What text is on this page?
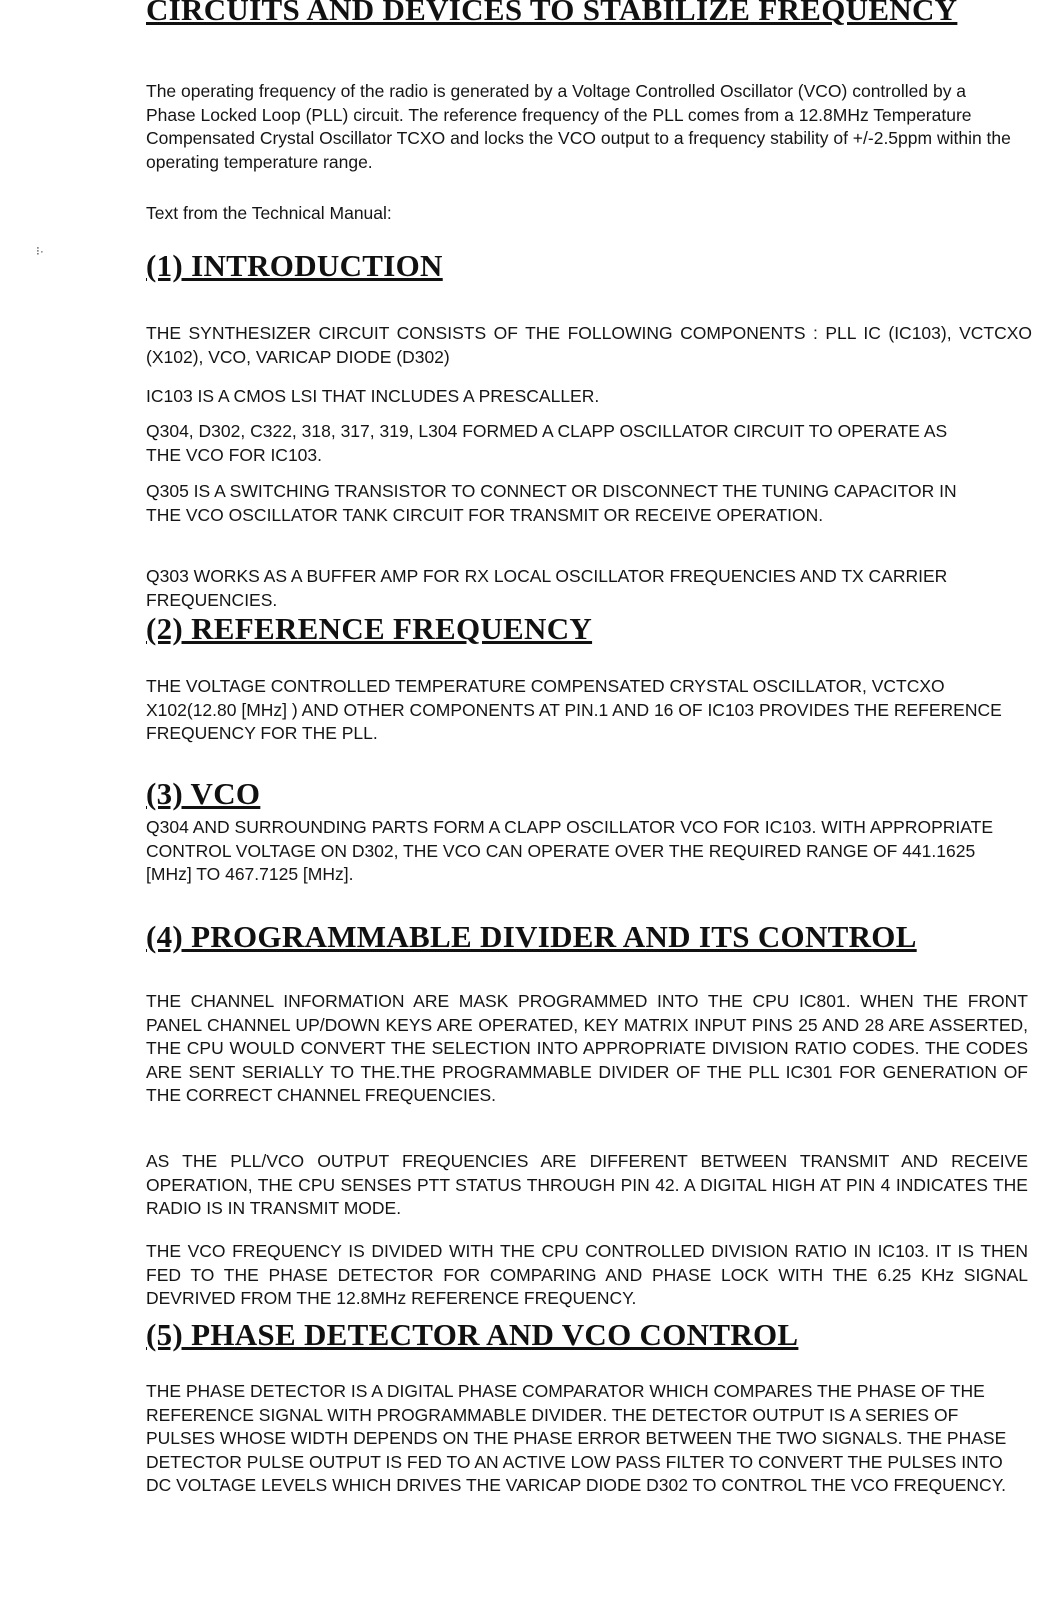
CIRCUITS AND DEVICES TO STABILIZE FREQUENCY

The operating frequency of the radio is generated by a Voltage Controlled Oscillator (VCO) controlled by a Phase Locked Loop (PLL) circuit. The reference frequency of the PLL comes from a 12.8MHz Temperature Compensated Crystal Oscillator TCXO and locks the VCO output to a frequency stability of +/-2.5ppm within the operating temperature range.

Text from the Technical Manual:

⁝·	(1) INTRODUCTION

THE SYNTHESIZER CIRCUIT CONSISTS OF THE FOLLOWING COMPONENTS : PLL IC (IC103), VCTCXO (X102), VCO, VARICAP DIODE (D302)

IC103 IS A CMOS LSI THAT INCLUDES A PRESCALLER.

Q304, D302, C322, 318, 317, 319, L304 FORMED A CLAPP OSCILLATOR CIRCUIT TO OPERATE AS THE VCO FOR IC103.

Q305 IS A SWITCHING TRANSISTOR TO CONNECT OR DISCONNECT THE TUNING CAPACITOR IN THE VCO OSCILLATOR TANK CIRCUIT FOR TRANSMIT OR RECEIVE OPERATION.

Q303 WORKS AS A BUFFER AMP FOR RX LOCAL OSCILLATOR FREQUENCIES AND TX CARRIER FREQUENCIES.

(2) REFERENCE FREQUENCY

THE VOLTAGE CONTROLLED TEMPERATURE COMPENSATED CRYSTAL OSCILLATOR, VCTCXO X102(12.80 [MHz] ) AND OTHER COMPONENTS AT PIN.1 AND 16 OF IC103 PROVIDES THE REFERENCE FREQUENCY FOR THE PLL.

(3) VCO

Q304 AND SURROUNDING PARTS FORM A CLAPP OSCILLATOR VCO FOR IC103. WITH APPROPRIATE CONTROL VOLTAGE ON D302, THE VCO CAN OPERATE OVER THE REQUIRED RANGE OF 441.1625 [MHz] TO 467.7125 [MHz].

(4) PROGRAMMABLE DIVIDER AND ITS CONTROL

THE CHANNEL INFORMATION ARE MASK PROGRAMMED INTO THE CPU IC801. WHEN THE FRONT PANEL CHANNEL UP/DOWN KEYS ARE OPERATED, KEY MATRIX INPUT PINS 25 AND 28 ARE ASSERTED, THE CPU WOULD CONVERT THE SELECTION INTO APPROPRIATE DIVISION RATIO CODES. THE CODES ARE SENT SERIALLY TO THE.THE PROGRAMMABLE DIVIDER OF THE PLL IC301 FOR GENERATION OF THE CORRECT CHANNEL FREQUENCIES.

AS THE PLL/VCO OUTPUT FREQUENCIES ARE DIFFERENT BETWEEN TRANSMIT AND RECEIVE OPERATION, THE CPU SENSES PTT STATUS THROUGH PIN 42. A DIGITAL HIGH AT PIN 4 INDICATES THE RADIO IS IN TRANSMIT MODE.

THE VCO FREQUENCY IS DIVIDED WITH THE CPU CONTROLLED DIVISION RATIO IN IC103. IT IS THEN FED TO THE PHASE DETECTOR FOR COMPARING AND PHASE LOCK WITH THE 6.25 KHz SIGNAL DEVRIVED FROM THE 12.8MHz REFERENCE FREQUENCY.

(5) PHASE DETECTOR AND VCO CONTROL

THE PHASE DETECTOR IS A DIGITAL PHASE COMPARATOR WHICH COMPARES THE PHASE OF THE REFERENCE SIGNAL WITH PROGRAMMABLE DIVIDER. THE DETECTOR OUTPUT IS A SERIES OF PULSES WHOSE WIDTH DEPENDS ON THE PHASE ERROR BETWEEN THE TWO SIGNALS. THE PHASE DETECTOR PULSE OUTPUT IS FED TO AN ACTIVE LOW PASS FILTER TO CONVERT THE PULSES INTO DC VOLTAGE LEVELS WHICH DRIVES THE VARICAP DIODE D302 TO CONTROL THE VCO FREQUENCY.
